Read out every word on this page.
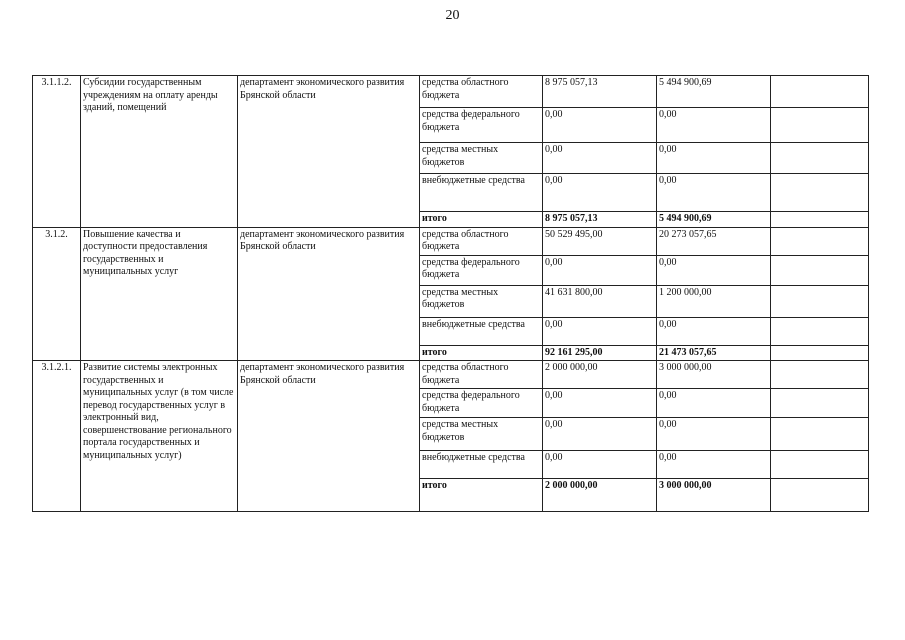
20
3.1.1.2.	Субсидии государственным учреждениям на оплату аренды зданий, помещений	департамент экономического развития Брянской области	средства областного бюджета	8 975 057,13	5 494 900,69	
			средства федерального бюджета	0,00	0,00	
			средства местных бюджетов	0,00	0,00	
			внебюджетные средства	0,00	0,00	
			итого	8 975 057,13	5 494 900,69	
3.1.2.	Повышение качества и доступности предоставления государственных и муниципальных услуг	департамент экономического развития Брянской области	средства областного бюджета	50 529 495,00	20 273 057,65	
			средства федерального бюджета	0,00	0,00	
			средства местных бюджетов	41 631 800,00	1 200 000,00	
			внебюджетные средства	0,00	0,00	
			итого	92 161 295,00	21 473 057,65	
3.1.2.1.	Развитие системы электронных государственных и муниципальных услуг (в том числе перевод государственных услуг в электронный вид, совершенствование регионального портала государственных и муниципальных услуг)	департамент экономического развития Брянской области	средства областного бюджета	2 000 000,00	3 000 000,00	
			средства федерального бюджета	0,00	0,00	
			средства местных бюджетов	0,00	0,00	
			внебюджетные средства	0,00	0,00	
			итого	2 000 000,00	3 000 000,00	
